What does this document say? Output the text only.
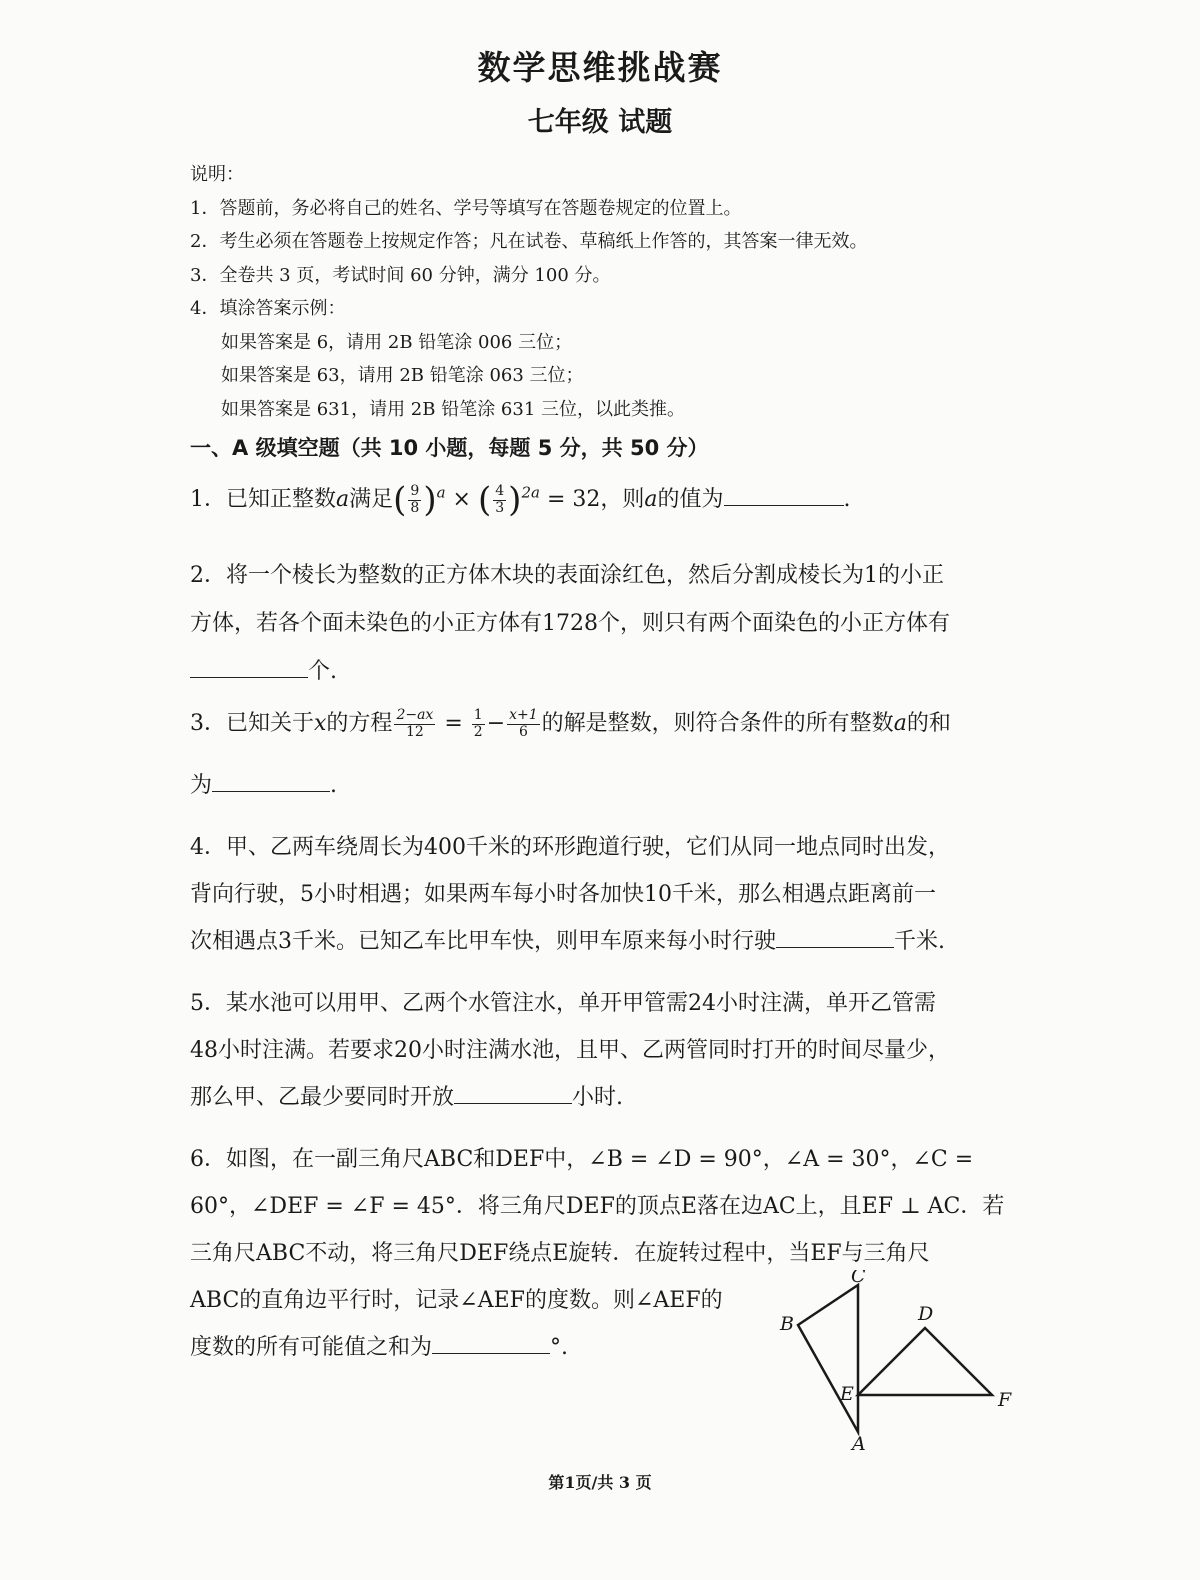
数学思维挑战赛
七年级 试题
说明：
1．答题前，务必将自己的姓名、学号等填写在答题卷规定的位置上。
2．考生必须在答题卷上按规定作答；凡在试卷、草稿纸上作答的，其答案一律无效。
3．全卷共 3 页，考试时间 60 分钟，满分 100 分。
4．填涂答案示例：
如果答案是 6，请用 2B 铅笔涂 006 三位；
如果答案是 63，请用 2B 铅笔涂 063 三位；
如果答案是 631，请用 2B 铅笔涂 631 三位，以此类推。
一、A 级填空题（共 10 小题，每题 5 分，共 50 分）
1．已知正整数a满足( $\frac{9}{8} )^a$ × ( $\frac{4}{3} )^{2a} = 32$，则a的值为	.
2．将一个棱长为整数的正方体木块的表面涂红色，然后分割成棱长为1的小正
方体，若各个面未染色的小正方体有1728个，则只有两个面染色的小正方体有
个.
3．已知关于x的方程 $\frac{2-ax}{12} = \frac{1}{2} - \frac{x+1}{6}$ 的解是整数，则符合条件的所有整数a的和
为	.
4．甲、乙两车绕周长为400千米的环形跑道行驶，它们从同一地点同时出发，
背向行驶，5小时相遇；如果两车每小时各加快10千米，那么相遇点距离前一
次相遇点3千米。已知乙车比甲车快，则甲车原来每小时行驶	千米.
5．某水池可以用甲、乙两个水管注水，单开甲管需24小时注满，单开乙管需
48小时注满。若要求20小时注满水池，且甲、乙两管同时打开的时间尽量少，
那么甲、乙最少要同时开放	小时.
6．如图，在一副三角尺ABC和DEF中，∠B = ∠D = 90°，∠A = 30°，∠C =
60°，∠DEF = ∠F = 45°．将三角尺DEF的顶点E落在边AC上，且EF ⊥ AC．若
三角尺ABC不动，将三角尺DEF绕点E旋转．在旋转过程中，当EF与三角尺
ABC的直角边平行时，记录∠AEF的度数。则∠AEF的
度数的所有可能值之和为	°.
C
B	D
E	F
A
第1页/共 3 页
